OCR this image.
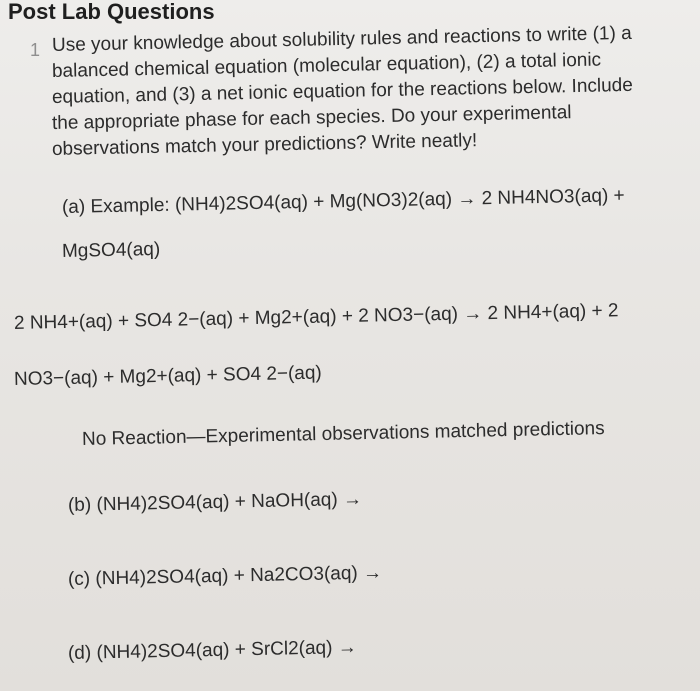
Post Lab Questions
1 Use your knowledge about solubility rules and reactions to write (1) a
balanced chemical equation (molecular equation), (2) a total ionic
equation, and (3) a net ionic equation for the reactions below. Include
the appropriate phase for each species. Do your experimental
observations match your predictions? Write neatly!
(a) Example: (NH4)2SO4(aq) + Mg(NO3)2(aq) → 2 NH4NO3(aq) +
MgSO4(aq)
2 NH4+(aq) + SO4 2−(aq) + Mg2+(aq) + 2 NO3−(aq) → 2 NH4+(aq) + 2
NO3−(aq) + Mg2+(aq) + SO4 2−(aq)
No Reaction—Experimental observations matched predictions
(b) (NH4)2SO4(aq) + NaOH(aq) →
(c) (NH4)2SO4(aq) + Na2CO3(aq) →
(d) (NH4)2SO4(aq) + SrCl2(aq) →
